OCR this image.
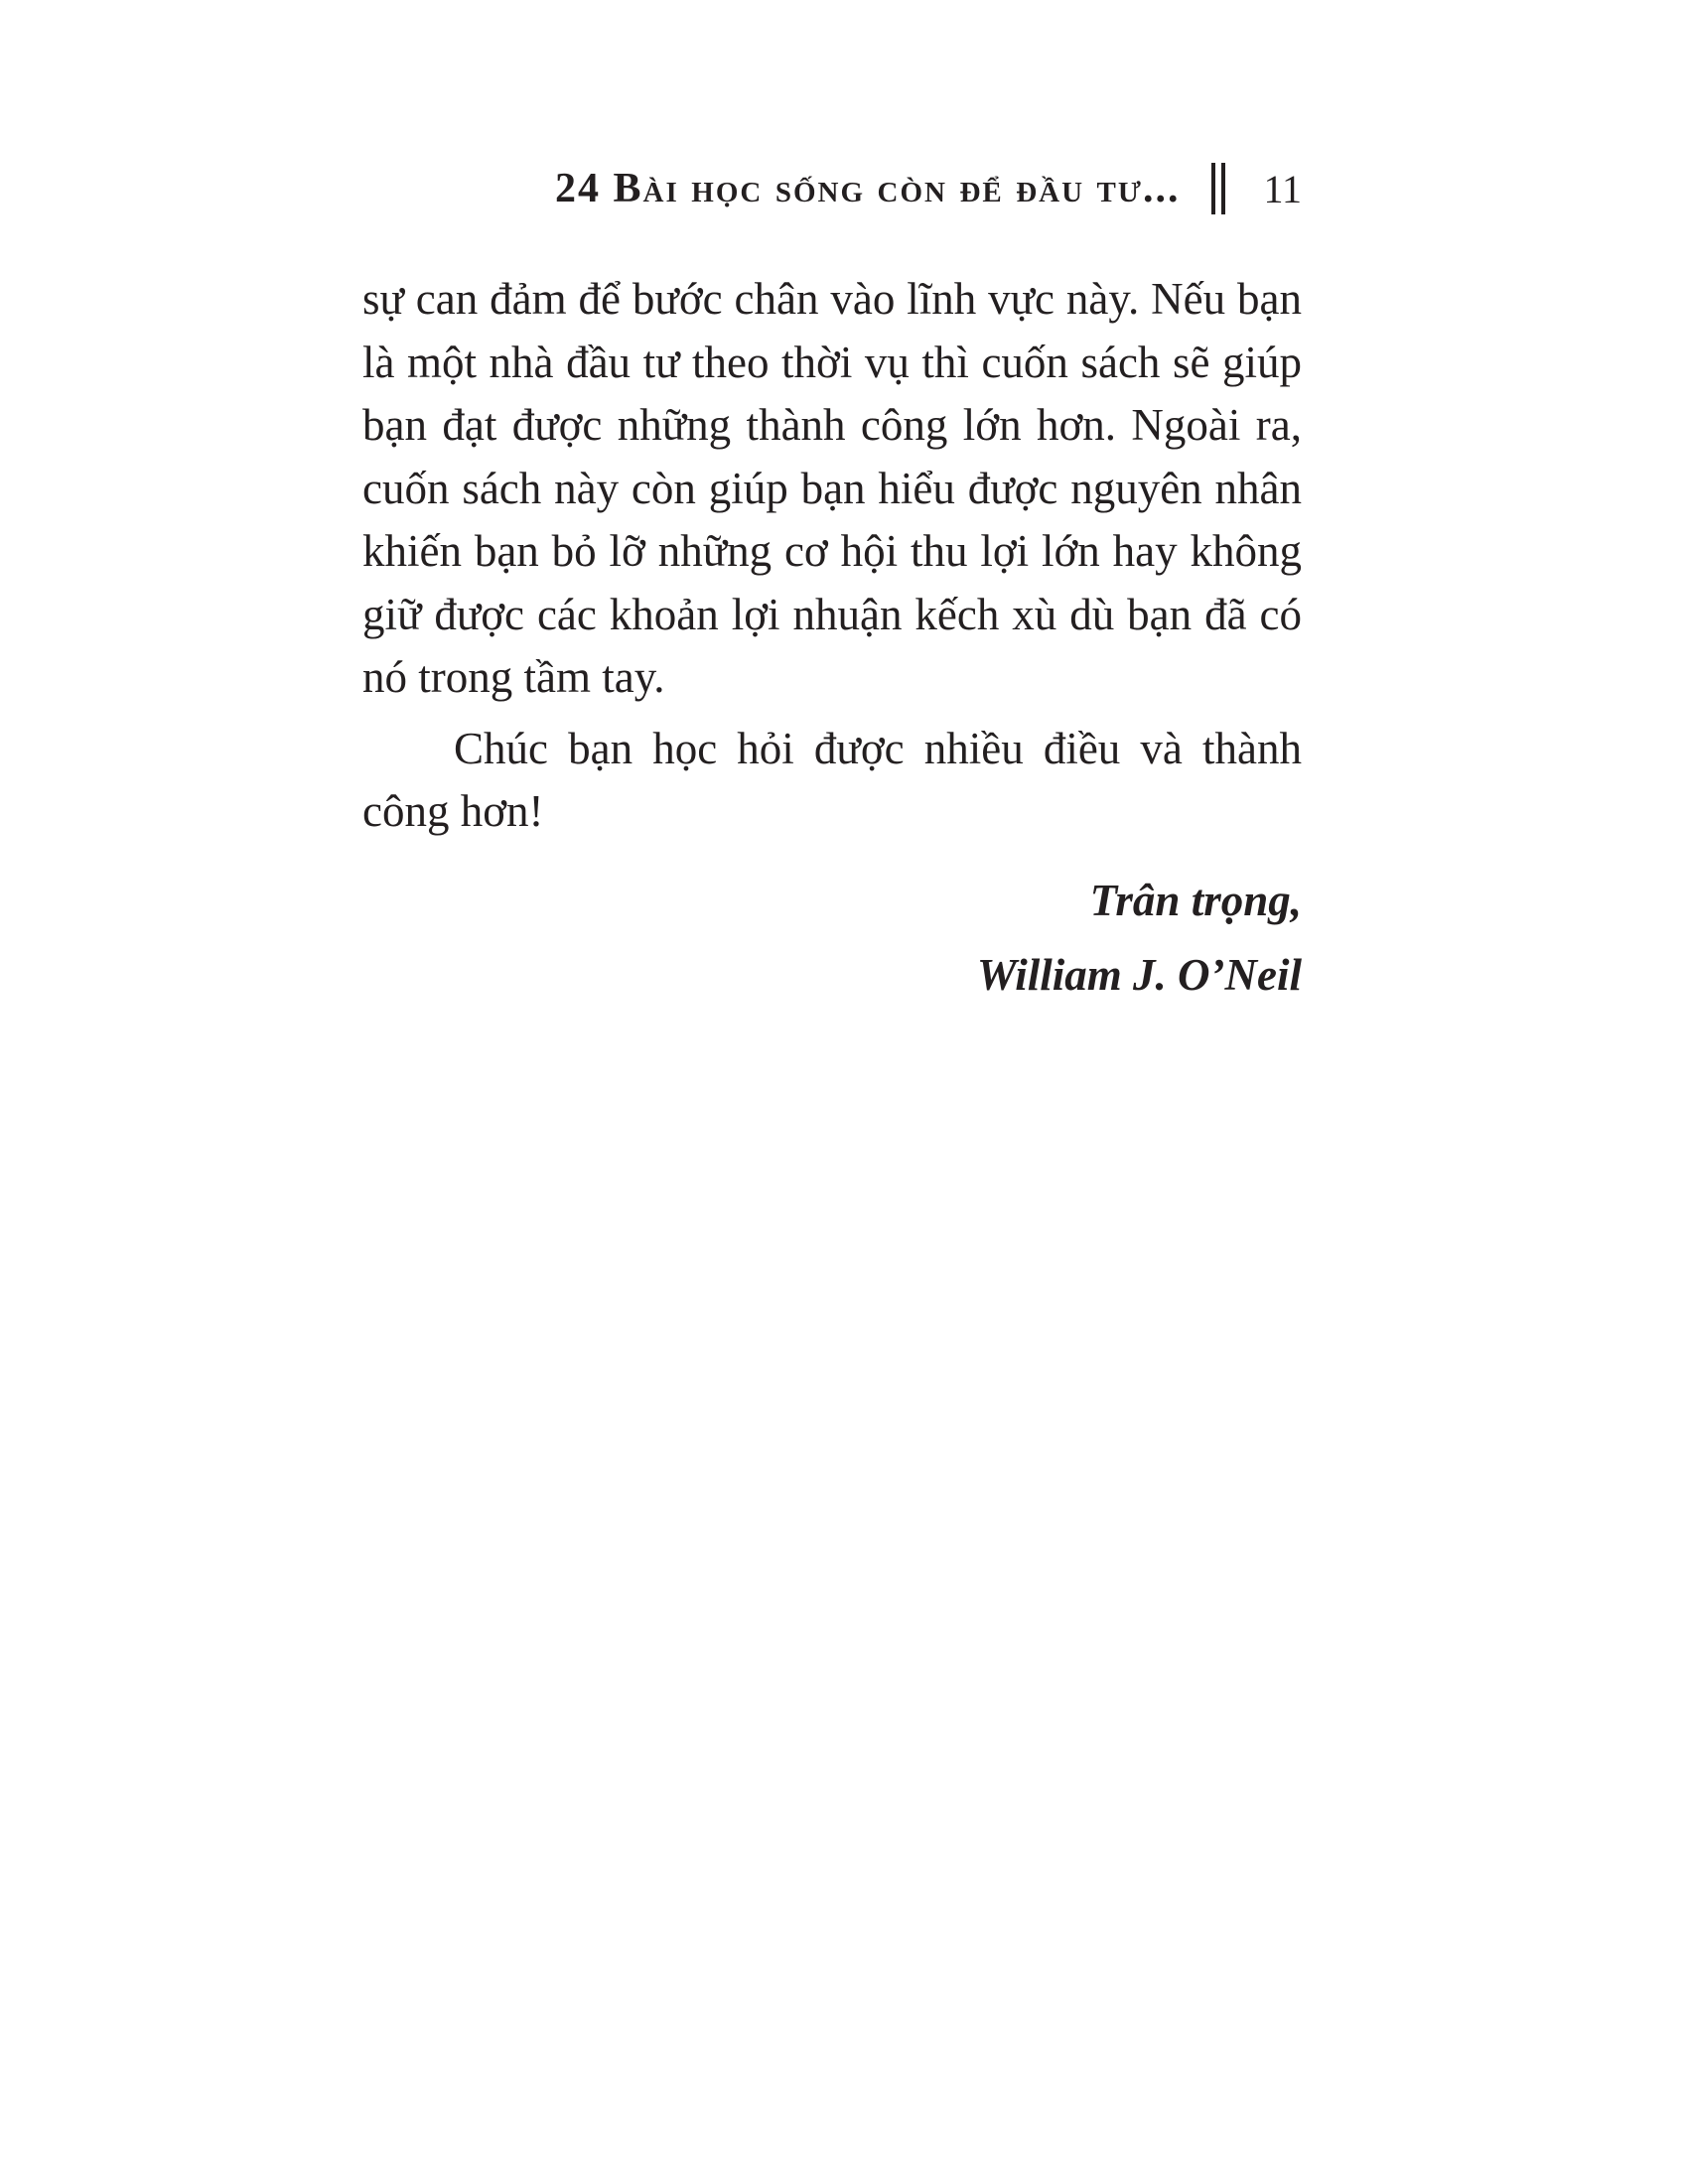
24 Bài học sống còn để đầu tư... 11

sự can đảm để bước chân vào lĩnh vực này. Nếu bạn là một nhà đầu tư theo thời vụ thì cuốn sách sẽ giúp bạn đạt được những thành công lớn hơn. Ngoài ra, cuốn sách này còn giúp bạn hiểu được nguyên nhân khiến bạn bỏ lỡ những cơ hội thu lợi lớn hay không giữ được các khoản lợi nhuận kếch xù dù bạn đã có nó trong tầm tay.

Chúc bạn học hỏi được nhiều điều và thành công hơn!

Trân trọng,
William J. O’Neil
